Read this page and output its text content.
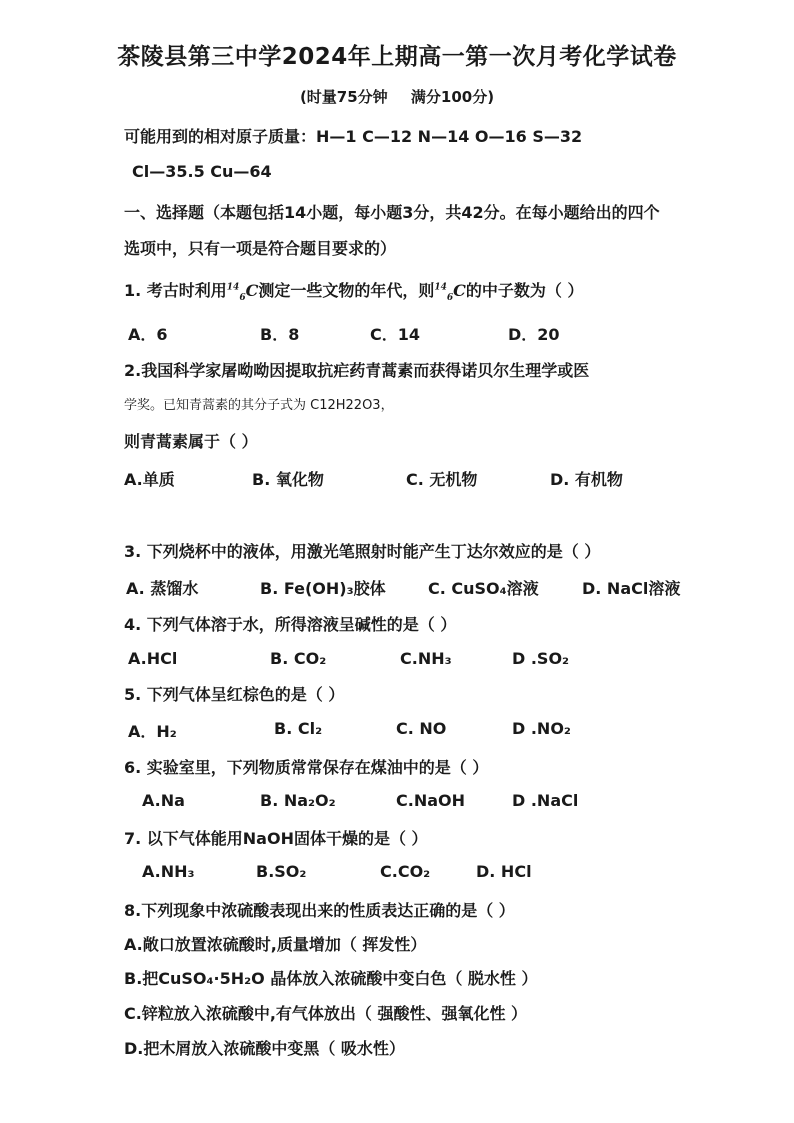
茶陵县第三中学2024年上期高一第一次月考化学试卷
(时量75分钟 满分100分)
可能用到的相对原子质量：H—1 C—12 N—14 O—16 S—32
Cl—35.5 Cu—64
一、选择题（本题包括14小题，每小题3分，共42分。在每小题给出的四个
选项中，只有一项是符合题目要求的）
1. 考古时利用$^{14}_6$C测定一些文物的年代，则$^{14}_6$C的中子数为（ ）
A．6	B．8	C．14	D．20
2.我国科学家屠呦呦因提取抗疟药青蒿素而获得诺贝尔生理学或医
学奖。已知青蒿素的其分子式为 C12H22O3，
则青蒿素属于（ ）
A.单质	B. 氧化物	C. 无机物	D. 有机物
3. 下列烧杯中的液体，用激光笔照射时能产生丁达尔效应的是（ ）
A. 蒸馏水	B. Fe(OH)₃胶体	C. CuSO₄溶液	D. NaCl溶液
4. 下列气体溶于水，所得溶液呈碱性的是（ ）
A.HCl	B. CO₂	C.NH₃	D .SO₂
5. 下列气体呈红棕色的是（ ）
A．H₂	B. Cl₂	C. NO	D .NO₂
6. 实验室里，下列物质常常保存在煤油中的是（ ）
A.Na	B. Na₂O₂	C.NaOH	D .NaCl
7. 以下气体能用NaOH固体干燥的是（ ）
A.NH₃	B.SO₂	C.CO₂	D. HCl
8.下列现象中浓硫酸表现出来的性质表达正确的是（ ）
A.敞口放置浓硫酸时,质量增加（ 挥发性）
B.把CuSO₄·5H₂O 晶体放入浓硫酸中变白色（ 脱水性 ）
C.锌粒放入浓硫酸中,有气体放出（ 强酸性、强氧化性 ）
D.把木屑放入浓硫酸中变黑（ 吸水性）
